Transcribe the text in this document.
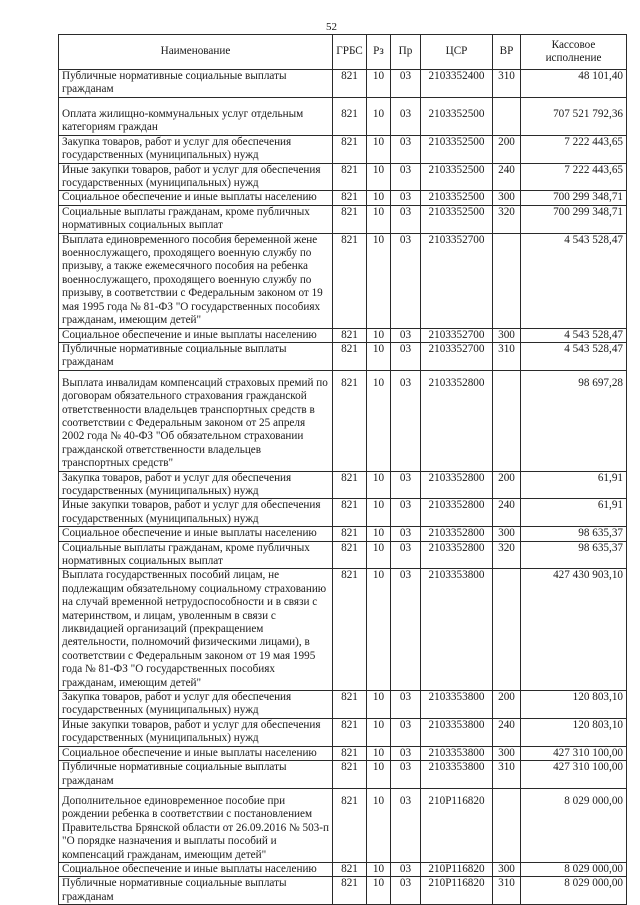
52
Наименование	ГРБС	Рз	Пр	ЦСР	ВР	Кассовое исполнение
Публичные нормативные социальные выплаты гражданам	821	10	03	2103352400	310	48 101,40
Оплата жилищно-коммунальных услуг отдельным категориям граждан	821	10	03	2103352500		707 521 792,36
Закупка товаров, работ и услуг для обеспечения государственных (муниципальных) нужд	821	10	03	2103352500	200	7 222 443,65
Иные закупки товаров, работ и услуг для обеспечения государственных (муниципальных) нужд	821	10	03	2103352500	240	7 222 443,65
Социальное обеспечение и иные выплаты населению	821	10	03	2103352500	300	700 299 348,71
Социальные выплаты гражданам, кроме публичных нормативных социальных выплат	821	10	03	2103352500	320	700 299 348,71
Выплата единовременного пособия беременной жене военнослужащего, проходящего военную службу по призыву, а также ежемесячного пособия на ребенка военнослужащего, проходящего военную службу по призыву, в соответствии с Федеральным законом от 19 мая 1995 года № 81-ФЗ "О государственных пособиях гражданам, имеющим детей"	821	10	03	2103352700		4 543 528,47
Социальное обеспечение и иные выплаты населению	821	10	03	2103352700	300	4 543 528,47
Публичные нормативные социальные выплаты гражданам	821	10	03	2103352700	310	4 543 528,47
Выплата инвалидам компенсаций страховых премий по договорам обязательного страхования гражданской ответственности владельцев транспортных средств в соответствии с Федеральным законом от 25 апреля 2002 года № 40-ФЗ "Об обязательном страховании гражданской ответственности владельцев транспортных средств"	821	10	03	2103352800		98 697,28
Закупка товаров, работ и услуг для обеспечения государственных (муниципальных) нужд	821	10	03	2103352800	200	61,91
Иные закупки товаров, работ и услуг для обеспечения государственных (муниципальных) нужд	821	10	03	2103352800	240	61,91
Социальное обеспечение и иные выплаты населению	821	10	03	2103352800	300	98 635,37
Социальные выплаты гражданам, кроме публичных нормативных социальных выплат	821	10	03	2103352800	320	98 635,37
Выплата государственных пособий лицам, не подлежащим обязательному социальному страхованию на случай временной нетрудоспособности и в связи с материнством, и лицам, уволенным в связи с ликвидацией организаций (прекращением деятельности, полномочий физическими лицами), в соответствии с Федеральным законом от 19 мая 1995 года № 81-ФЗ "О государственных пособиях гражданам, имеющим детей"	821	10	03	2103353800		427 430 903,10
Закупка товаров, работ и услуг для обеспечения государственных (муниципальных) нужд	821	10	03	2103353800	200	120 803,10
Иные закупки товаров, работ и услуг для обеспечения государственных (муниципальных) нужд	821	10	03	2103353800	240	120 803,10
Социальное обеспечение и иные выплаты населению	821	10	03	2103353800	300	427 310 100,00
Публичные нормативные социальные выплаты гражданам	821	10	03	2103353800	310	427 310 100,00
Дополнительное единовременное пособие при рождении ребенка в соответствии с постановлением Правительства Брянской области от 26.09.2016 № 503-п "О порядке назначения и выплаты пособий и компенсаций гражданам, имеющим детей"	821	10	03	210P116820		8 029 000,00
Социальное обеспечение и иные выплаты населению	821	10	03	210P116820	300	8 029 000,00
Публичные нормативные социальные выплаты гражданам	821	10	03	210P116820	310	8 029 000,00
